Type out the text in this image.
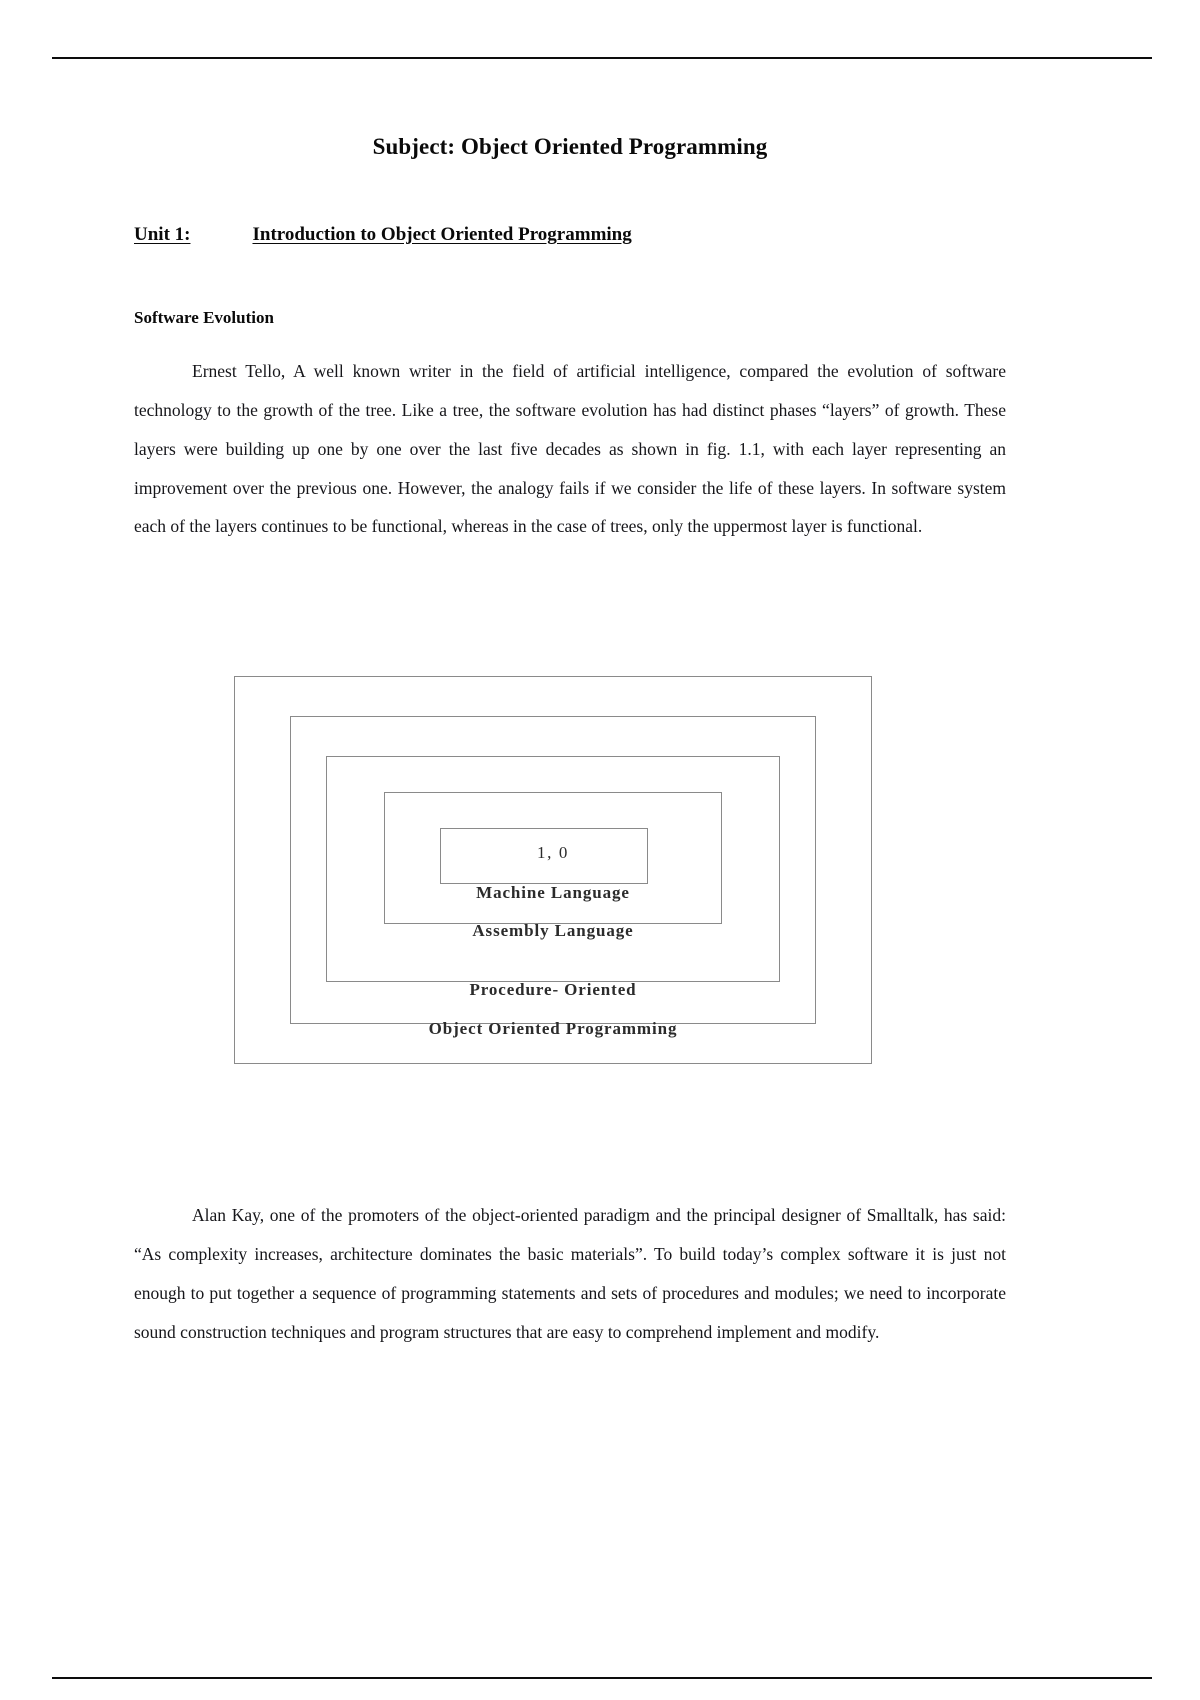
Subject: Object Oriented Programming

Unit 1:	Introduction to Object Oriented Programming

Software Evolution

Ernest Tello, A well known writer in the field of artificial intelligence, compared the evolution of software technology to the growth of the tree. Like a tree, the software evolution has had distinct phases “layers” of growth. These layers were building up one by one over the last five decades as shown in fig. 1.1, with each layer representing an improvement over the previous one. However, the analogy fails if we consider the life of these layers. In software system each of the layers continues to be functional, whereas in the case of trees, only the uppermost layer is functional.

1, 0
Machine Language
Assembly Language
Procedure- Oriented
Object Oriented Programming

Alan Kay, one of the promoters of the object-oriented paradigm and the principal designer of Smalltalk, has said: “As complexity increases, architecture dominates the basic materials”. To build today’s complex software it is just not enough to put together a sequence of programming statements and sets of procedures and modules; we need to incorporate sound construction techniques and program structures that are easy to comprehend implement and modify.
